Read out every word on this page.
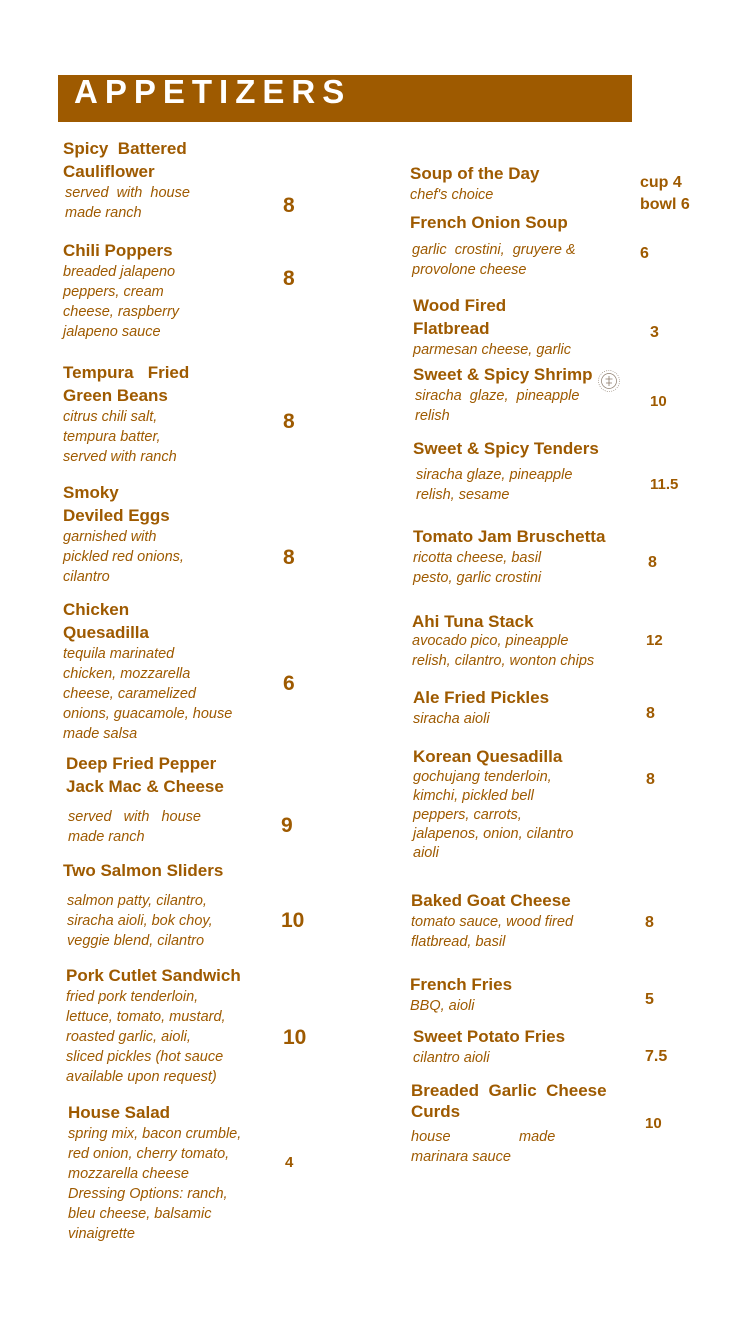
APPETIZERS
Spicy  Battered
Cauliflower
served  with  house
made ranch	8
Chili Poppers
breaded jalapeno
peppers, cream
cheese, raspberry
jalapeno sauce
8
Tempura   Fried
Green Beans
citrus chili salt,
tempura batter,
served with ranch
8
Smoky
Deviled Eggs
garnished with
pickled red onions,
cilantro
8
Chicken
Quesadilla
tequila marinated
chicken, mozzarella
cheese, caramelized
onions, guacamole, house
made salsa
6
Deep Fried Pepper
Jack Mac & Cheese
served   with   house
made ranch	9
Two Salmon Sliders
salmon patty, cilantro,
siracha aioli, bok choy,
veggie blend, cilantro
10
Pork Cutlet Sandwich
fried pork tenderloin,
lettuce, tomato, mustard,
roasted garlic, aioli,
sliced pickles (hot sauce
available upon request)
10
House Salad
spring mix, bacon crumble,
red onion, cherry tomato,
mozzarella cheese
Dressing Options: ranch,
bleu cheese, balsamic
vinaigrette
4
Soup of the Day
chef's choice
cup 4
bowl 6
French Onion Soup
garlic  crostini,  gruyere &
provolone cheese
6
Wood Fired
Flatbread
parmesan cheese, garlic
3
Sweet & Spicy Shrimp
siracha  glaze,  pineapple
relish
10
Sweet & Spicy Tenders
siracha glaze, pineapple
relish, sesame
11.5
Tomato Jam Bruschetta
ricotta cheese, basil
pesto, garlic crostini
8
Ahi Tuna Stack
avocado pico, pineapple
relish, cilantro, wonton chips
12
Ale Fried Pickles
siracha aioli	8
Korean Quesadilla
gochujang tenderloin,
kimchi, pickled bell
peppers, carrots,
jalapenos, onion, cilantro
aioli
8
Baked Goat Cheese
tomato sauce, wood fired
flatbread, basil
8
French Fries
BBQ, aioli	5
Sweet Potato Fries
cilantro aioli	7.5
Breaded  Garlic  Cheese
Curds
house                 made
marinara sauce
10
